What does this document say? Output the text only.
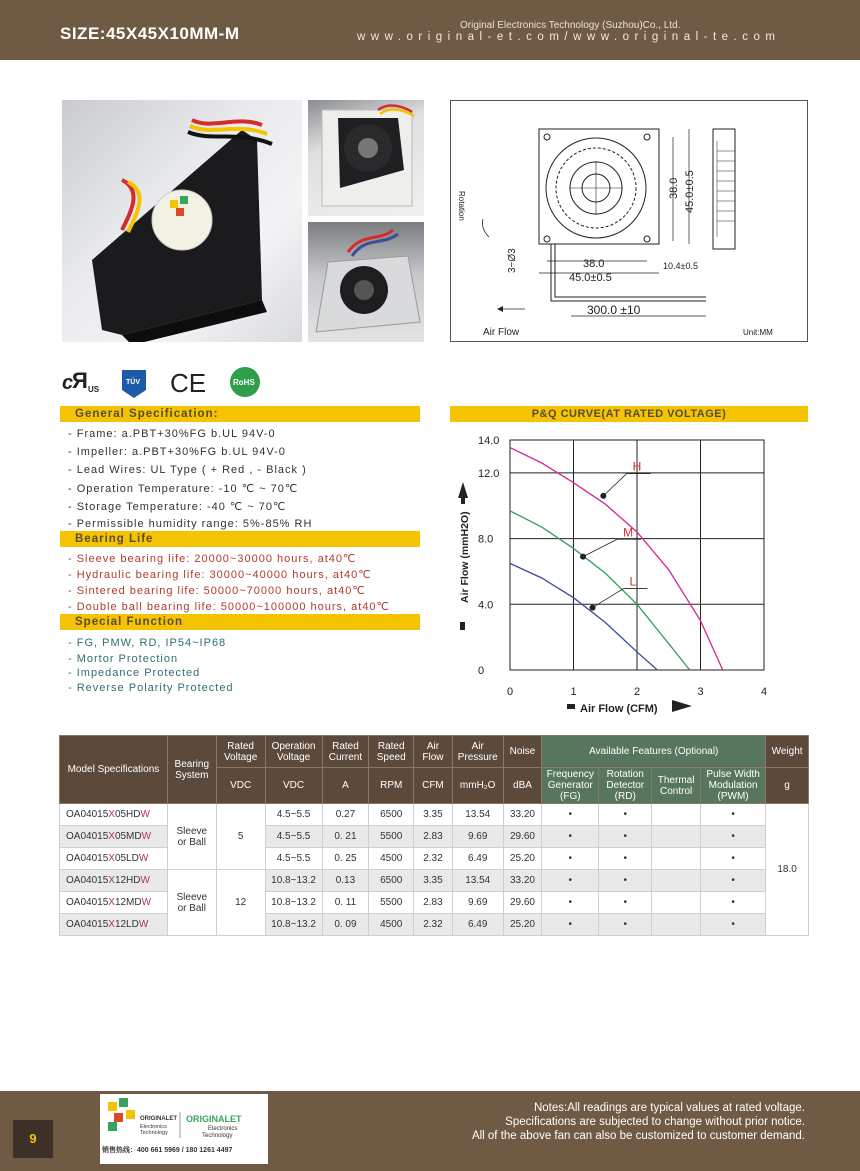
SIZE:45X45X10MM-M	Original Electronics Technology (Suzhou)Co., Ltd.
www.original-et.com/www.original-te.com
38.0 45.0±0.5
Rotation
3~Ø3	38.0
45.0±0.5
10.4±0.5
300.0 ±10
Air Flow	Unit:MM
c
Я US
TÜV CE	RoHS
General Specification:
- Frame: a.PBT+30%FG b.UL 94V-0
- Impeller: a.PBT+30%FG b.UL 94V-0
- Lead Wires: UL Type ( + Red , - Black )
- Operation Temperature: -10 ℃ ~ 70℃
- Storage Temperature: -40 ℃ ~ 70℃
- Permissible humidity range: 5%-85% RH
Bearing Life
- Sleeve bearing life: 20000~30000 hours, at40℃
- Hydraulic bearing life: 30000~40000 hours, at40℃
- Sintered bearing life: 50000~70000 hours, at40℃
- Double ball bearing life: 50000~100000 hours, at40℃
Special Function
- FG, PMW, RD, IP54~IP68
- Mortor Protection
- Impedance Protected
- Reverse Polarity Protected
P&Q CURVE(AT RATED VOLTAGE)
0
4.0
8.0
12.0
14.0
0	1	2	3	4
Air Flow (mmH2O)
Air Flow (CFM)
H
M
L
Model Specifications	Bearing System	Rated Voltage	Operation Voltage	Rated Current	Rated Speed	Air Flow	Air Pressure	Noise	Available Features (Optional)				Weight
		VDC	VDC	A	RPM	CFM	mmH₂O	dBA	Frequency Generator (FG)	Rotation Detector (RD)	Thermal Control	Pulse Width Modulation (PWM)	g
OA04015X05HDW	Sleeve or Ball	5	4.5~5.5	0.27	6500	3.35	13.54	33.20	•	•		•	18.0
OA04015X05MDW			4.5~5.5	0. 21	5500	2.83	9.69	29.60	•	•		•	
OA04015X05LDW			4.5~5.5	0. 25	4500	2.32	6.49	25.20	•	•		•	
OA04015X12HDW	Sleeve or Ball	12	10.8~13.2	0.13	6500	3.35	13.54	33.20	•	•		•	
OA04015X12MDW			10.8~13.2	0. 11	5500	2.83	9.69	29.60	•	•		•	
OA04015X12LDW			10.8~13.2	0. 09	4500	2.32	6.49	25.20	•	•		•	
9
ORIGINALET
Electronics
Technology
ORIGINALET
Electronics
Technology
销售热线：400 661 5969 / 180 1261 4497
Notes:All readings are typical values at rated voltage.
Specifications are subjected to change without prior notice.
All of the above fan can also be customized to customer demand.
